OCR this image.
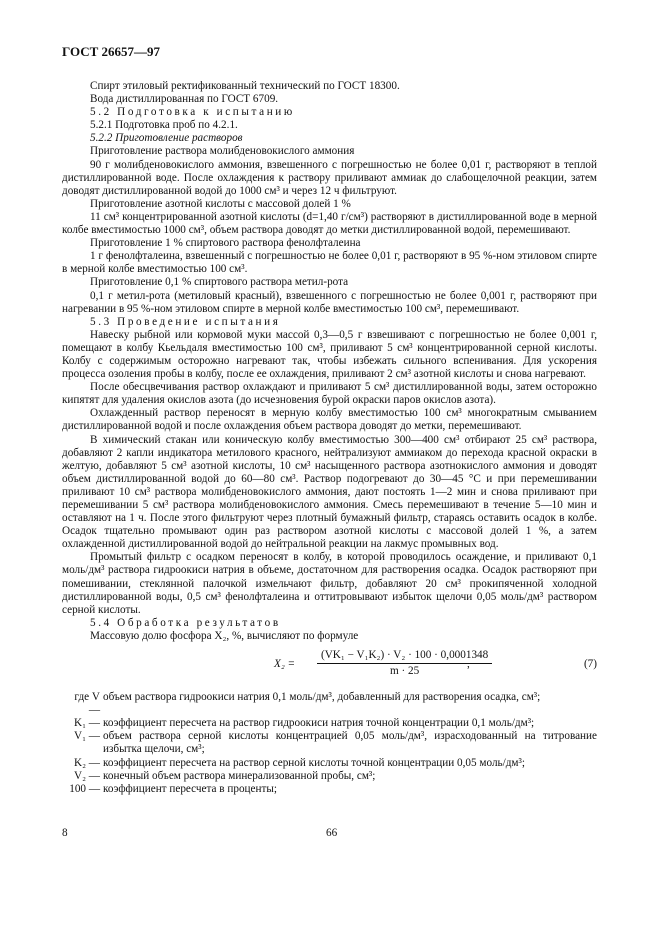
ГОСТ 26657—97
Спирт этиловый ректификованный технический по ГОСТ 18300.
Вода дистиллированная по ГОСТ 6709.
5.2 Подготовка к испытанию
5.2.1 Подготовка проб по 4.2.1.
5.2.2 Приготовление растворов
Приготовление раствора молибденовокислого аммония
90 г молибденовокислого аммония, взвешенного с погрешностью не более 0,01 г, растворяют в теплой дистиллированной воде. После охлаждения к раствору приливают аммиак до слабощелочной реакции, затем доводят дистиллированной водой до 1000 см³ и через 12 ч фильтруют.
Приготовление азотной кислоты с массовой долей 1 %
11 см³ концентрированной азотной кислоты (d=1,40 г/см³) растворяют в дистиллированной воде в мерной колбе вместимостью 1000 см³, объем раствора доводят до метки дистиллированной водой, перемешивают.
Приготовление 1 % спиртового раствора фенолфталеина
1 г фенолфталеина, взвешенный с погрешностью не более 0,01 г, растворяют в 95 %-ном этиловом спирте в мерной колбе вместимостью 100 см³.
Приготовление 0,1 % спиртового раствора метил-рота
0,1 г метил-рота (метиловый красный), взвешенного с погрешностью не более 0,001 г, растворяют при нагревании в 95 %-ном этиловом спирте в мерной колбе вместимостью 100 см³, перемешивают.
5.3 Проведение испытания
Навеску рыбной или кормовой муки массой 0,3—0,5 г взвешивают с погрешностью не более 0,001 г, помещают в колбу Кьельдаля вместимостью 100 см³, приливают 5 см³ концентрированной серной кислоты. Колбу с содержимым осторожно нагревают так, чтобы избежать сильного вспенивания. Для ускорения процесса озоления пробы в колбу, после ее охлаждения, приливают 2 см³ азотной кислоты и снова нагревают.
После обесцвечивания раствор охлаждают и приливают 5 см³ дистиллированной воды, затем осторожно кипятят для удаления окислов азота (до исчезновения бурой окраски паров окислов азота).
Охлажденный раствор переносят в мерную колбу вместимостью 100 см³ многократным смыванием дистиллированной водой и после охлаждения объем раствора доводят до метки, перемешивают.
В химический стакан или коническую колбу вместимостью 300—400 см³ отбирают 25 см³ раствора, добавляют 2 капли индикатора метилового красного, нейтрализуют аммиаком до перехода красной окраски в желтую, добавляют 5 см³ азотной кислоты, 10 см³ насыщенного раствора азотнокислого аммония и доводят объем дистиллированной водой до 60—80 см³. Раствор подогревают до 30—45 °С и при перемешивании приливают 10 см³ раствора молибденовокислого аммония, дают постоять 1—2 мин и снова приливают при перемешивании 5 см³ раствора молибденовокислого аммония. Смесь перемешивают в течение 5—10 мин и оставляют на 1 ч. После этого фильтруют через плотный бумажный фильтр, стараясь оставить осадок в колбе. Осадок тщательно промывают один раз раствором азотной кислоты с массовой долей 1 %, а затем охлажденной дистиллированной водой до нейтральной реакции на лакмус промывных вод.
Промытый фильтр с осадком переносят в колбу, в которой проводилось осаждение, и приливают 0,1 моль/дм³ раствора гидроокиси натрия в объеме, достаточном для растворения осадка. Осадок растворяют при помешивании, стеклянной палочкой измельчают фильтр, добавляют 20 см³ прокипяченной холодной дистиллированной воды, 0,5 см³ фенолфталеина и оттитровывают избыток щелочи 0,05 моль/дм³ раствором серной кислоты.
5.4 Обработка результатов
Массовую долю фосфора X₂, %, вычисляют по формуле
$X_2 = \frac{\text{(VK₁ − V₁K₂) · V₂ · 100 · 0,0001348}}{m \cdot 25}$
,	(7)
где V —
объем раствора гидроокиси натрия 0,1 моль/дм³, добавленный для растворения осадка, см³;
K₁ — коэффициент пересчета на раствор гидроокиси натрия точной концентрации 0,1 моль/дм³;
V₁ — объем раствора серной кислоты концентрацией 0,05 моль/дм³, израсходованный на титрование избытка щелочи, см³;
K₂ — коэффициент пересчета на раствор серной кислоты точной концентрации 0,05 моль/дм³;
V₂ — конечный объем раствора минерализованной пробы, см³;
100 — коэффициент пересчета в проценты;
8	66
